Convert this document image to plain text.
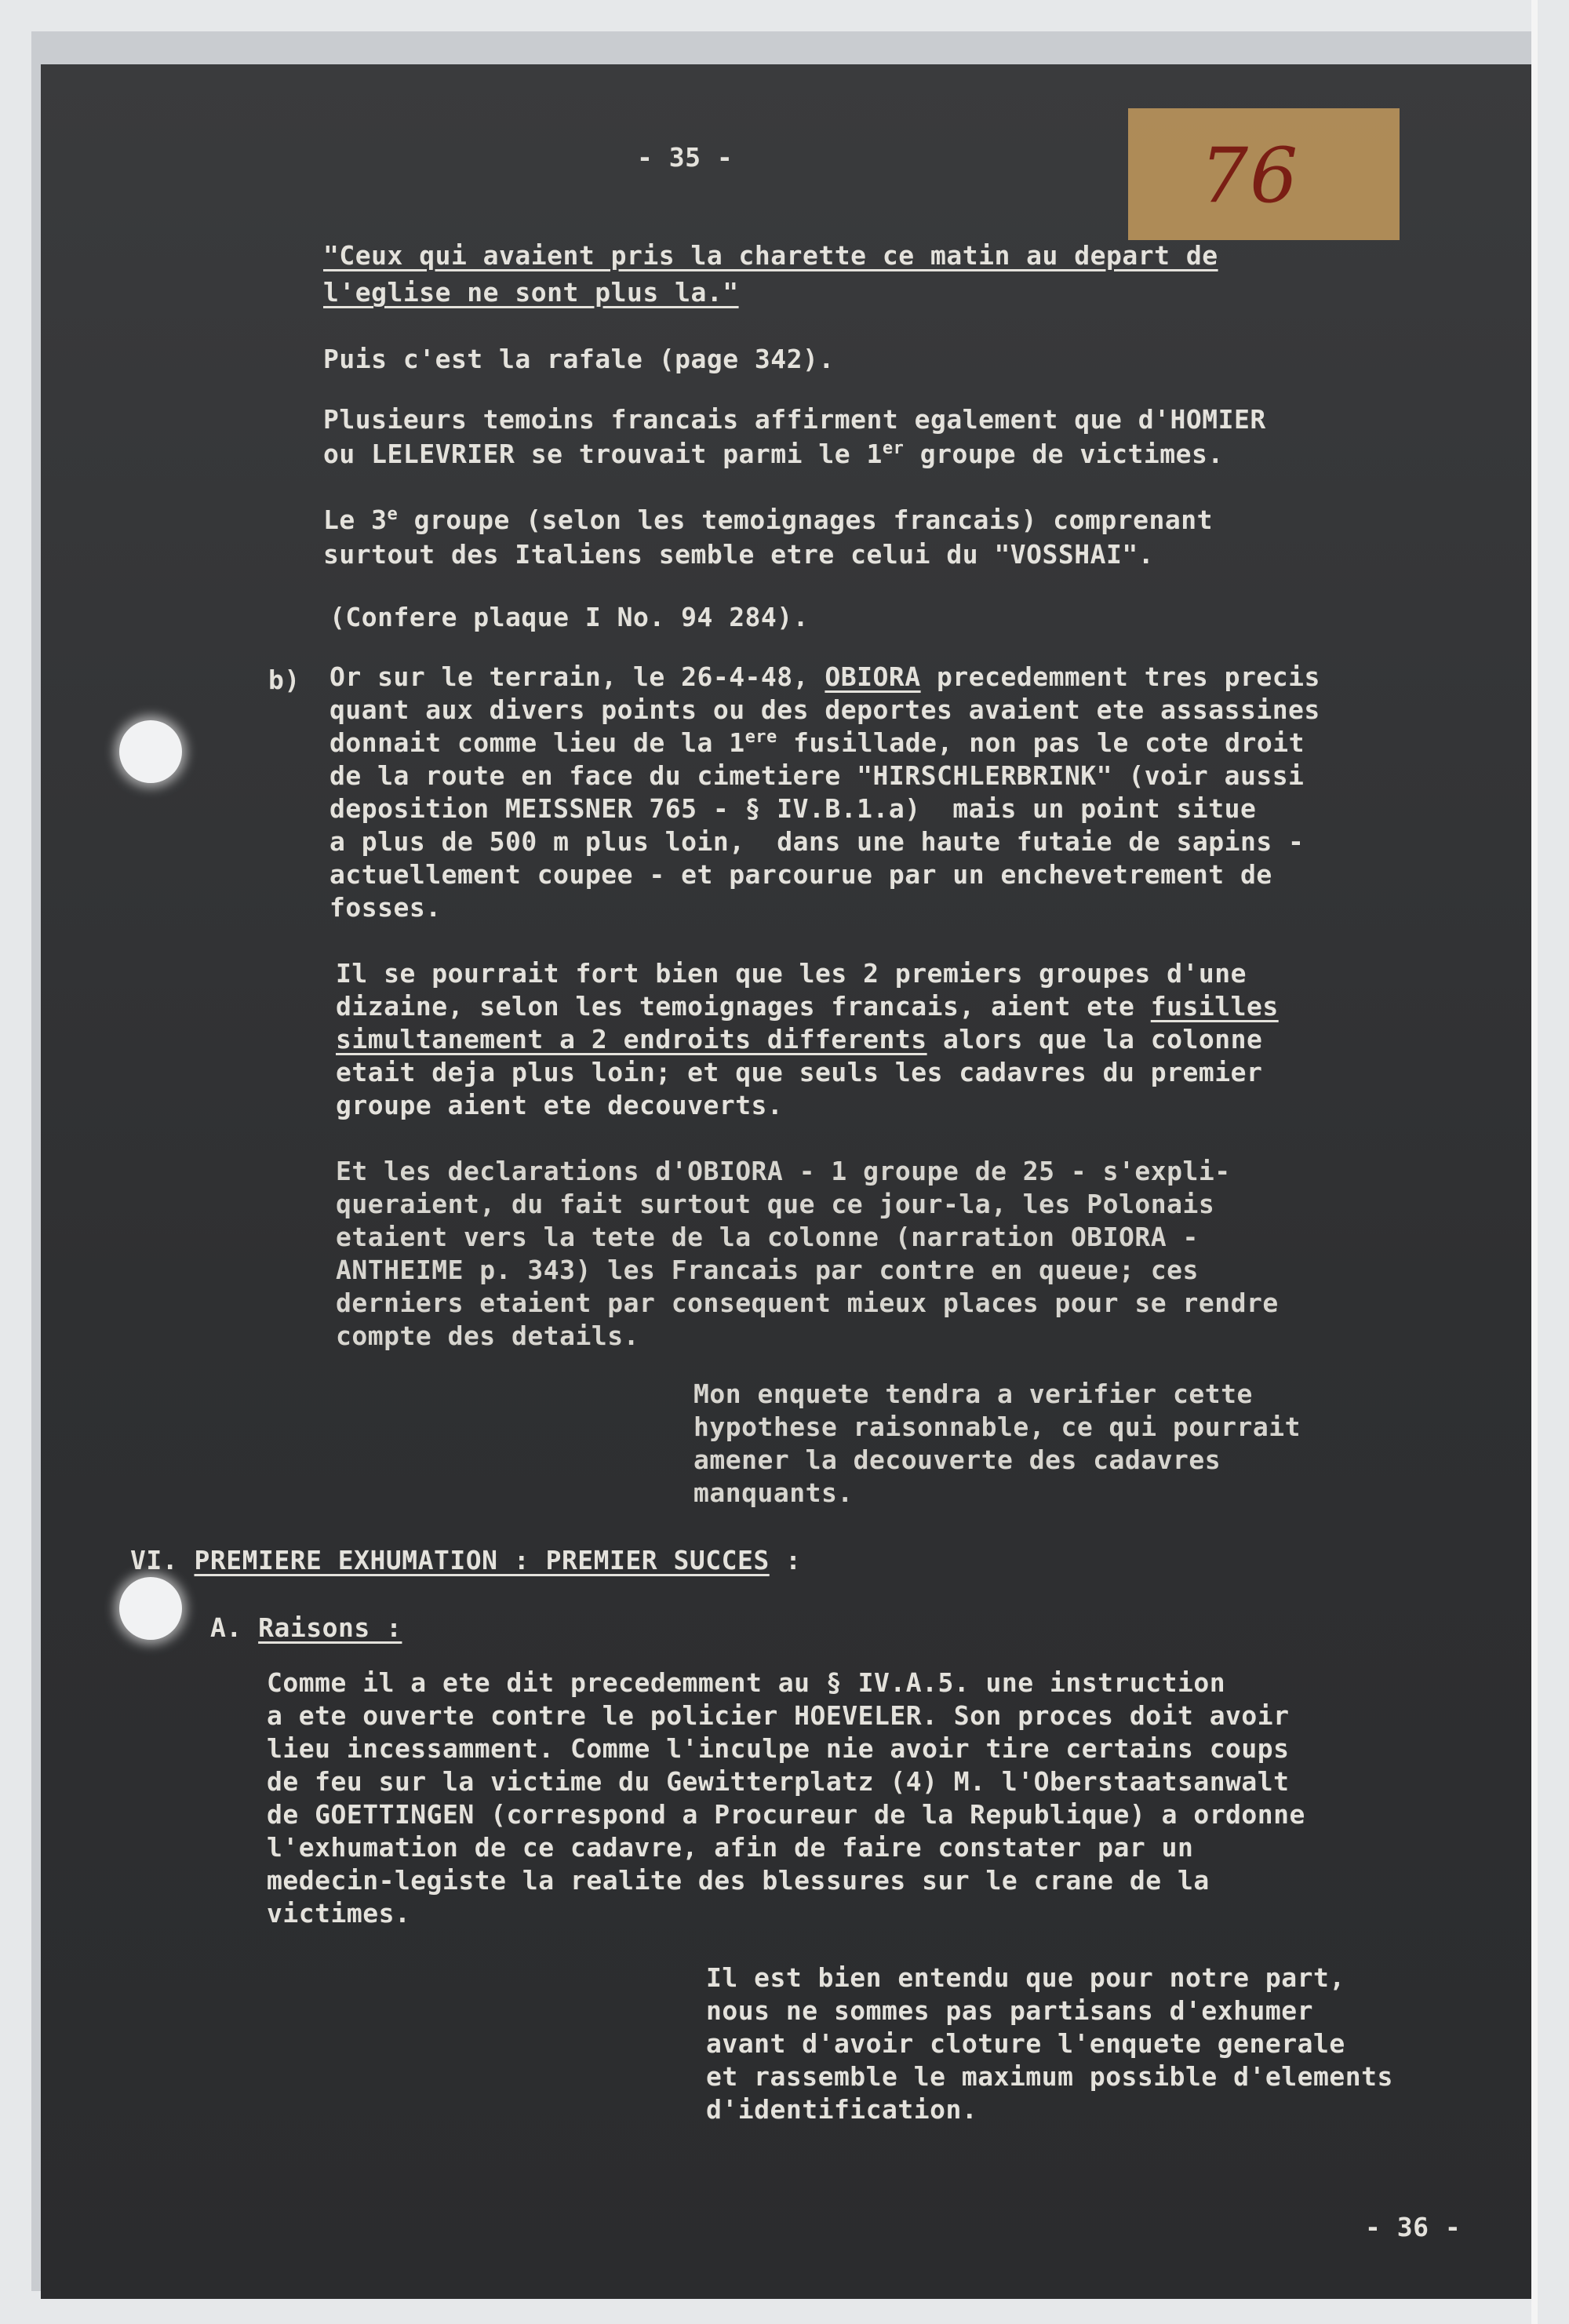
76

- 35 -

"Ceux qui avaient pris la charette ce matin au depart de

l'eglise ne sont plus la."

Puis c'est la rafale (page 342).

Plusieurs temoins francais affirment egalement que d'HOMIER

ou LELEVRIER se trouvait parmi le 1er groupe de victimes.

Le 3e groupe (selon les temoignages francais) comprenant

surtout des Italiens semble etre celui du "VOSSHAI".

(Confere plaque I No. 94 284).

b) Or sur le terrain, le 26-4-48, OBIORA precedemment tres precis

quant aux divers points ou des deportes avaient ete assassines

donnait comme lieu de la 1ere fusillade, non pas le cote droit

de la route en face du cimetiere "HIRSCHLERBRINK" (voir aussi

deposition MEISSNER 765 - § IV.B.1.a)  mais un point situe

a plus de 500 m plus loin,  dans une haute futaie de sapins -

actuellement coupee - et parcourue par un enchevetrement de

fosses.

Il se pourrait fort bien que les 2 premiers groupes d'une

dizaine, selon les temoignages francais, aient ete fusilles

simultanement a 2 endroits differents alors que la colonne

etait deja plus loin; et que seuls les cadavres du premier

groupe aient ete decouverts.

Et les declarations d'OBIORA - 1 groupe de 25 - s'expli-

queraient, du fait surtout que ce jour-la, les Polonais

etaient vers la tete de la colonne (narration OBIORA -

ANTHEIME p. 343) les Francais par contre en queue; ces

derniers etaient par consequent mieux places pour se rendre

compte des details.

Mon enquete tendra a verifier cette

hypothese raisonnable, ce qui pourrait

amener la decouverte des cadavres

manquants.

VI. PREMIERE EXHUMATION : PREMIER SUCCES :

A. Raisons :

Comme il a ete dit precedemment au § IV.A.5. une instruction

a ete ouverte contre le policier HOEVELER. Son proces doit avoir

lieu incessamment. Comme l'inculpe nie avoir tire certains coups

de feu sur la victime du Gewitterplatz (4) M. l'Oberstaatsanwalt

de GOETTINGEN (correspond a Procureur de la Republique) a ordonne

l'exhumation de ce cadavre, afin de faire constater par un

medecin-legiste la realite des blessures sur le crane de la

victimes.

Il est bien entendu que pour notre part,

nous ne sommes pas partisans d'exhumer

avant d'avoir cloture l'enquete generale

et rassemble le maximum possible d'elements

d'identification.

- 36 -
